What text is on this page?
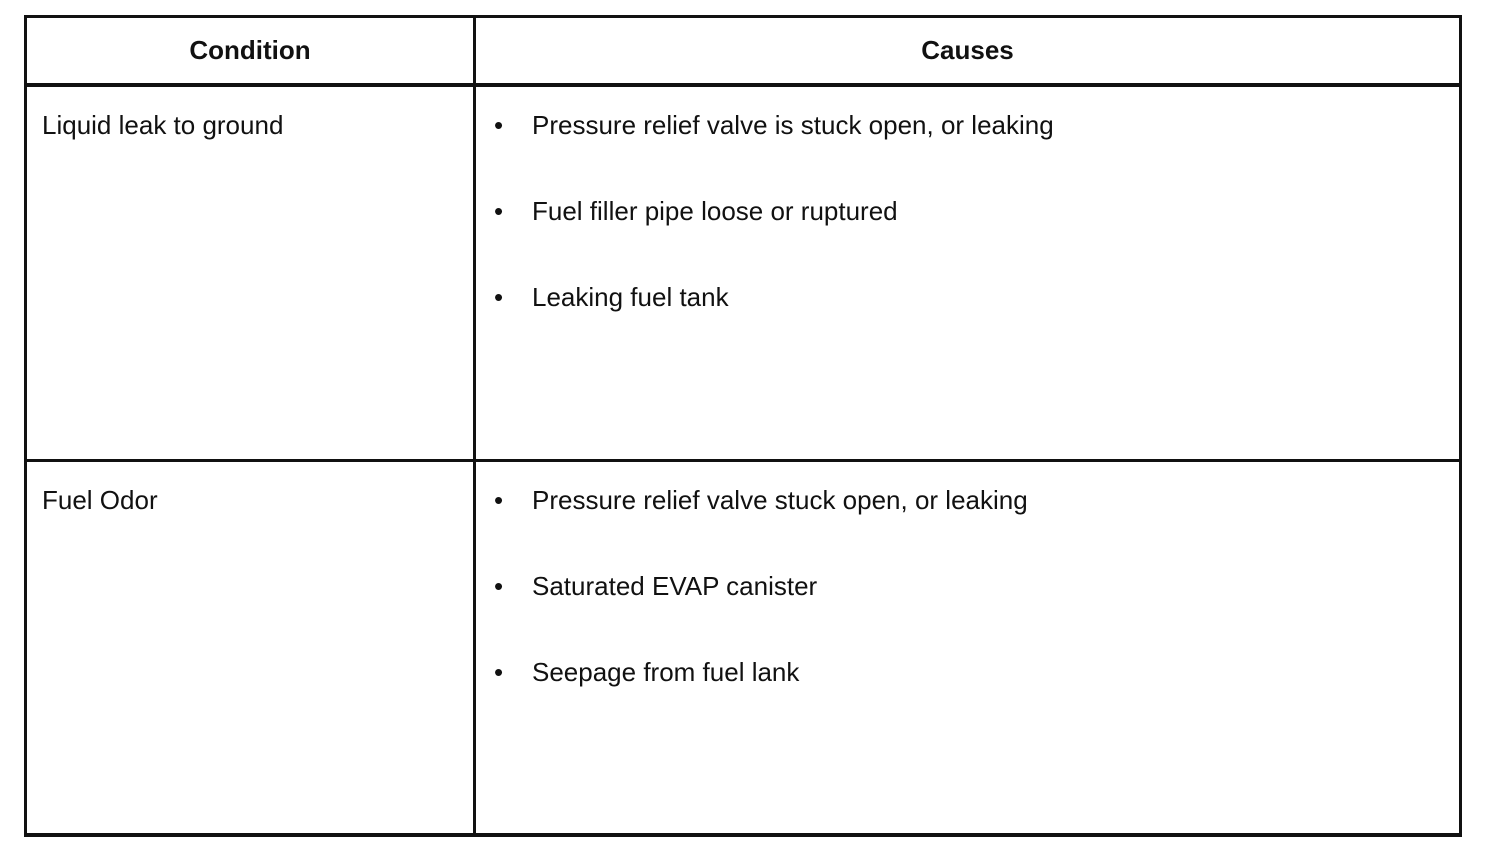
Condition	Causes
Liquid leak to ground	• Pressure relief valve is stuck open, or leaking
• Fuel filler pipe loose or ruptured
• Leaking fuel tank
Fuel Odor	• Pressure relief valve stuck open, or leaking
• Saturated EVAP canister
• Seepage from fuel lank
